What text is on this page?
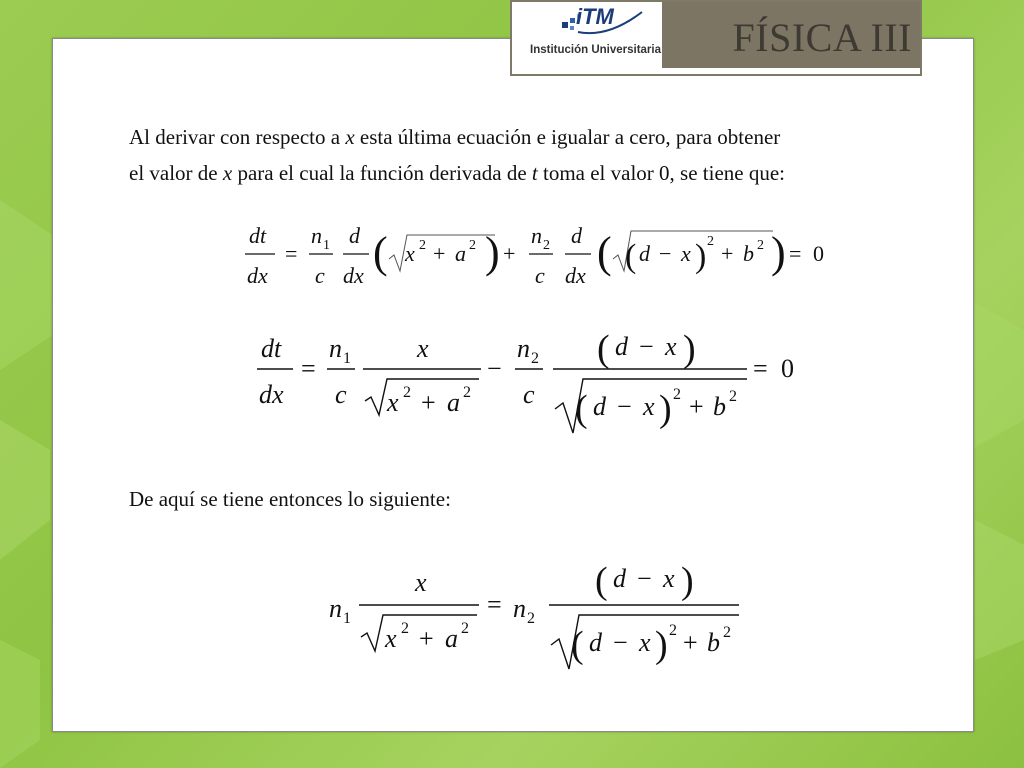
Al derivar con respecto a x esta última ecuación e igualar a cero, para obtener
el valor de x para el cual la función derivada de t toma el valor 0, se tiene que:
De aquí se tiene entonces lo siguiente:
dt
dx
=
n 1
c
d
dx ( x 2 + a 2 ) +
n 2
c
d
dx ( ( d − x ) 2 + b 2 ) = 0
dt
dx
=
n 1
c
x
x 2 + a 2
−
n 2
c
( d − x )
( d − x ) 2 + b 2
= 0
n 1
x
x 2 + a 2
= n 2
( d − x )
( d − x ) 2 + b 2
iTM
Institución Universitaria FÍSICA III
